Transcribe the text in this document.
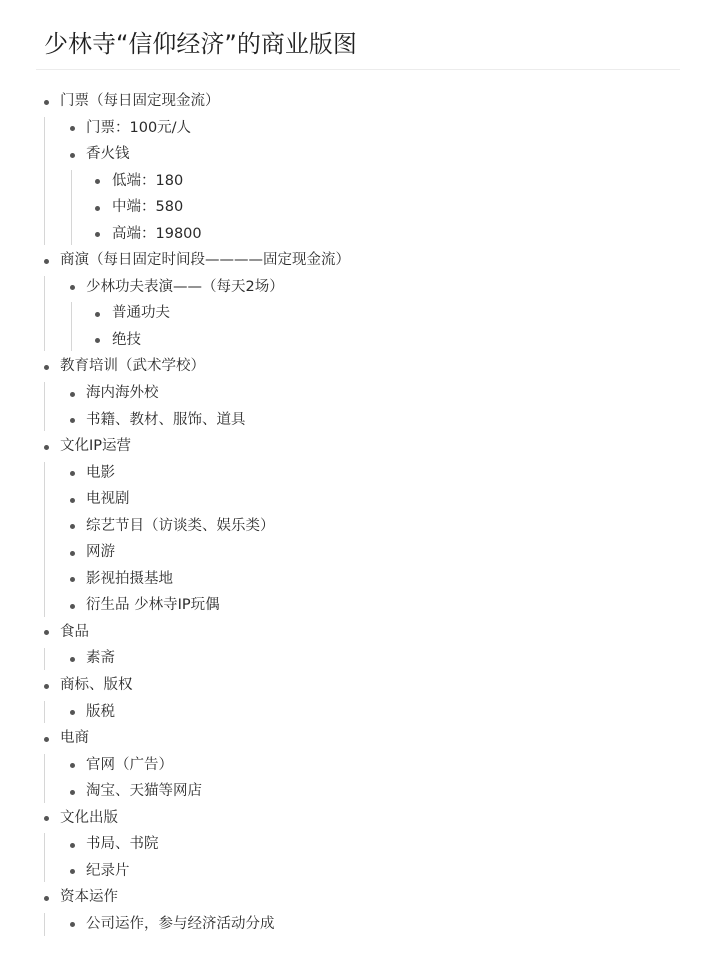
少林寺“信仰经济”的商业版图
门票（每日固定现金流）
门票：100元/人
香火钱
低端：180
中端：580
高端：19800
商演（每日固定时间段————固定现金流）
少林功夫表演——（每天2场）
普通功夫
绝技
教育培训（武术学校）
海内海外校
书籍、教材、服饰、道具
文化IP运营
电影
电视剧
综艺节目（访谈类、娱乐类）
网游
影视拍摄基地
衍生品 少林寺IP玩偶
食品
素斋
商标、版权
版税
电商
官网（广告）
淘宝、天猫等网店
文化出版
书局、书院
纪录片
资本运作
公司运作，参与经济活动分成
